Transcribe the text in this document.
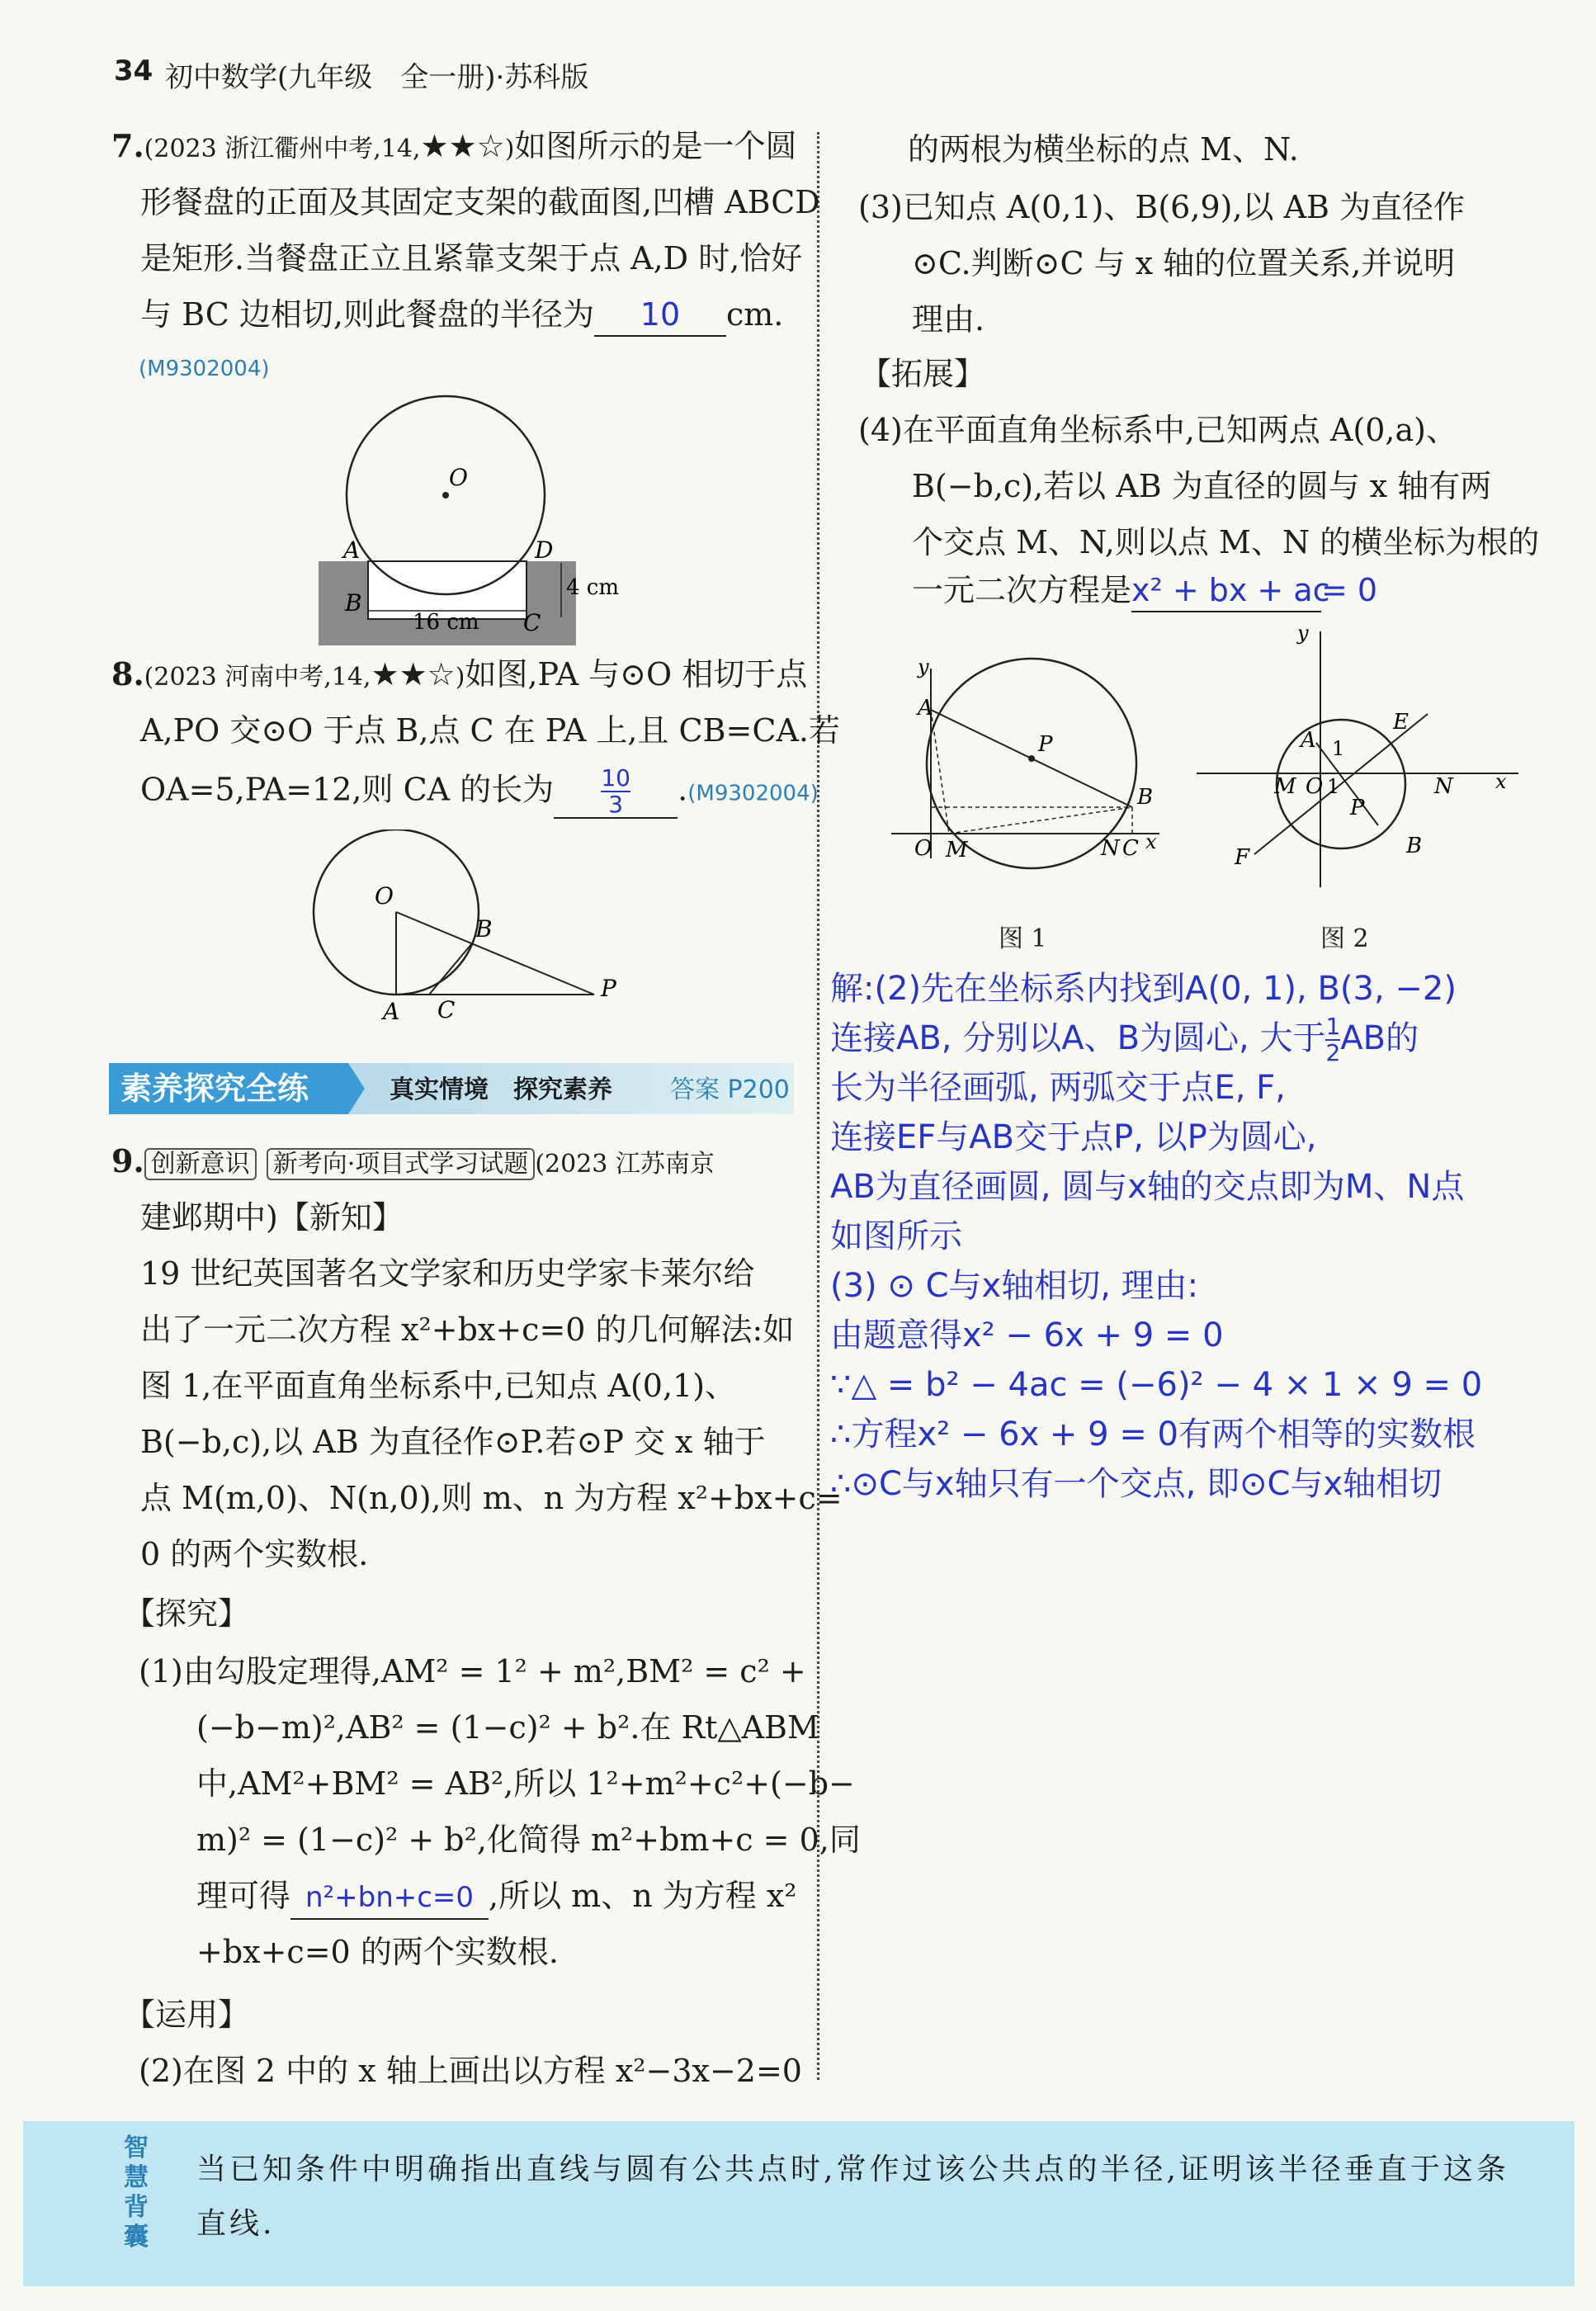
34 初中数学(九年级　全一册)·苏科版
7.(2023 浙江衢州中考,14,★★☆)如图所示的是一个圆
形餐盘的正面及其固定支架的截面图,凹槽 ABCD
是矩形.当餐盘正立且紧靠支架于点 A,D 时,恰好
与 BC 边相切,则此餐盘的半径为 10 cm.
(M9302004)
O
A	D
B
C
16 cm
4 cm
8.(2023 河南中考,14,★★☆)如图,PA 与⊙O 相切于点
A,PO 交⊙O 于点 B,点 C 在 PA 上,且 CB=CA.若
OA=5,PA=12,则 CA 的长为 $\frac{10}{3} .(M9302004)$
O
B
A C
P
素养探究全练	真实情境 探究素养 答案 P200
9. 创新意识 新考向·项目式学习试题 (2023 江苏南京
建邺期中)【新知】
19 世纪英国著名文学家和历史学家卡莱尔给
出了一元二次方程 x²+bx+c=0 的几何解法:如
图 1,在平面直角坐标系中,已知点 A(0,1)、
B(−b,c),以 AB 为直径作⊙P.若⊙P 交 x 轴于
点 M(m,0)、N(n,0),则 m、n 为方程 x²+bx+c=
0 的两个实数根.
【探究】
(1)由勾股定理得,AM² = 1² + m²,BM² = c² +
(−b−m)²,AB² = (1−c)² + b².在 Rt△ABM
中,AM²+BM² = AB²,所以 1²+m²+c²+(−b−
m)² = (1−c)² + b²,化简得 m²+bm+c = 0,同
理可得 n²+bn+c=0 ,所以 m、n 为方程 x²
+bx+c=0 的两个实数根.
【运用】
(2)在图 2 中的 x 轴上画出以方程 x²−3x−2=0
的两根为横坐标的点 M、N.
(3)已知点 A(0,1)、B(6,9),以 AB 为直径作
⊙C.判断⊙C 与 x 轴的位置关系,并说明
理由.
【拓展】
(4)在平面直角坐标系中,已知两点 A(0,a)、
B(−b,c),若以 AB 为直径的圆与 x 轴有两
个交点 M、N,则以点 M、N 的横坐标为根的
一元二次方程是x² + bx + ac= 0
y
A
P
B
O M	N C x
图 1
y
A
E
1
M O 1
P
N x
F	B
图 2
解:(2)先在坐标系内找到A(0, 1), B(3, −2)
连接AB, 分别以A、B为圆心, 大于 $\frac{1}{2}$ AB的
长为半径画弧, 两弧交于点E, F,
连接EF与AB交于点P, 以P为圆心,
AB为直径画圆, 圆与x轴的交点即为M、N点
如图所示
(3) ⊙ C与x轴相切, 理由:
由题意得x² − 6x + 9 = 0
∵△ = b² − 4ac = (−6)² − 4 × 1 × 9 = 0
∴方程x² − 6x + 9 = 0有两个相等的实数根
∴⊙C与x轴只有一个交点, 即⊙C与x轴相切
智慧背囊
当已知条件中明确指出直线与圆有公共点时,常作过该公共点的半径,证明该半径垂直于这条直线.
